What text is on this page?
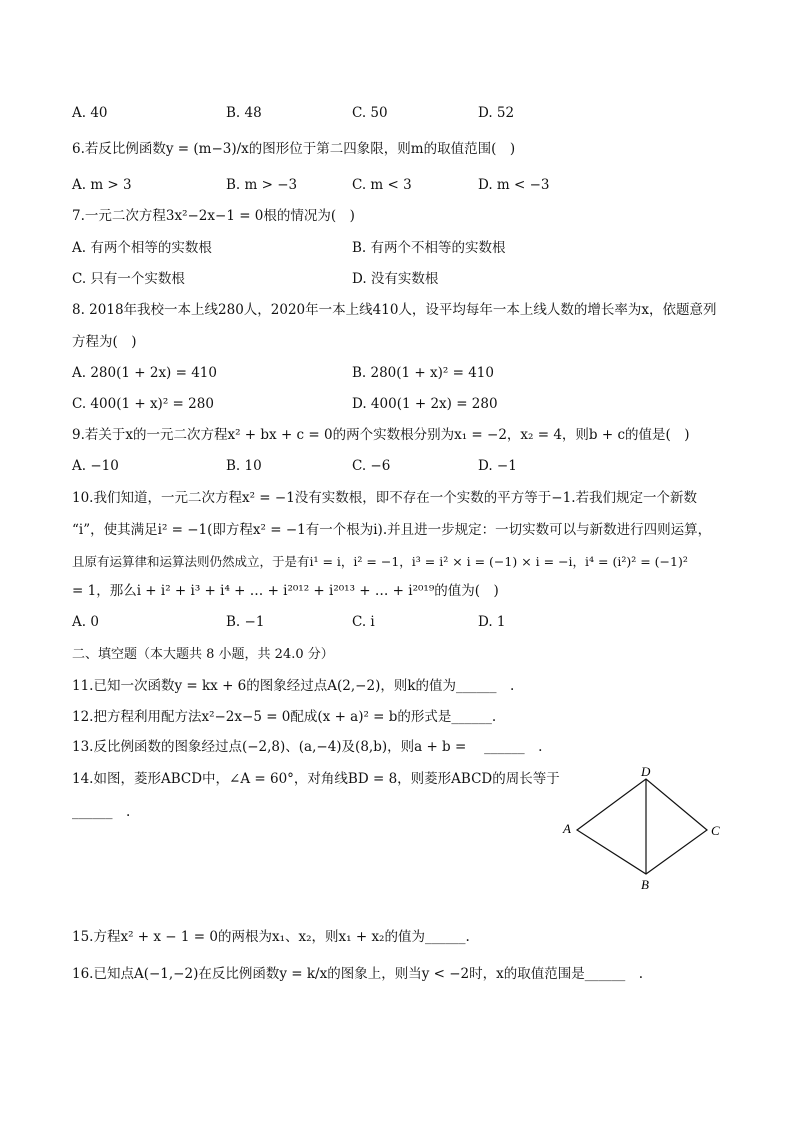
A. 40	B. 48	C. 50	D. 52
6.若反比例函数y = (m−3)/x的图形位于第二四象限，则m的取值范围(　)
A. m > 3	B. m > −3	C. m < 3	D. m < −3
7.一元二次方程3x²−2x−1 = 0根的情况为(　)
A. 有两个相等的实数根	B. 有两个不相等的实数根
C. 只有一个实数根	D. 没有实数根
8. 2018年我校一本上线280人，2020年一本上线410人，设平均每年一本上线人数的增长率为x，依题意列
方程为(　)
A. 280(1 + 2x) = 410	B. 280(1 + x)² = 410
C. 400(1 + x)² = 280	D. 400(1 + 2x) = 280
9.若关于x的一元二次方程x² + bx + c = 0的两个实数根分别为x₁ = −2，x₂ = 4，则b + c的值是(　)
A. −10	B. 10	C. −6	D. −1
10.我们知道，一元二次方程x² = −1没有实数根，即不存在一个实数的平方等于−1.若我们规定一个新数
“i”，使其满足i² = −1(即方程x² = −1有一个根为i).并且进一步规定：一切实数可以与新数进行四则运算，
且原有运算律和运算法则仍然成立，于是有i¹ = i，i² = −1，i³ = i² × i = (−1) × i = −i，i⁴ = (i²)² = (−1)²
= 1，那么i + i² + i³ + i⁴ + … + i²⁰¹² + i²⁰¹³ + … + i²⁰¹⁹的值为(　)
A. 0	B. −1	C. i	D. 1
二、填空题（本大题共 8 小题，共 24.0 分）
11.已知一次函数y = kx + 6的图象经过点A(2,−2)，则k的值为______　.
12.把方程利用配方法x²−2x−5 = 0配成(x + a)² = b的形式是______.
13.反比例函数的图象经过点(−2,8)、(a,−4)及(8,b)，则a + b = 　______　.
14.如图，菱形ABCD中，∠A = 60°，对角线BD = 8，则菱形ABCD的周长等于
______　.
D
A	C
B
15.方程x² + x − 1 = 0的两根为x₁、x₂，则x₁ + x₂的值为______.
16.已知点A(−1,−2)在反比例函数y = k/x的图象上，则当y < −2时，x的取值范围是______　.
